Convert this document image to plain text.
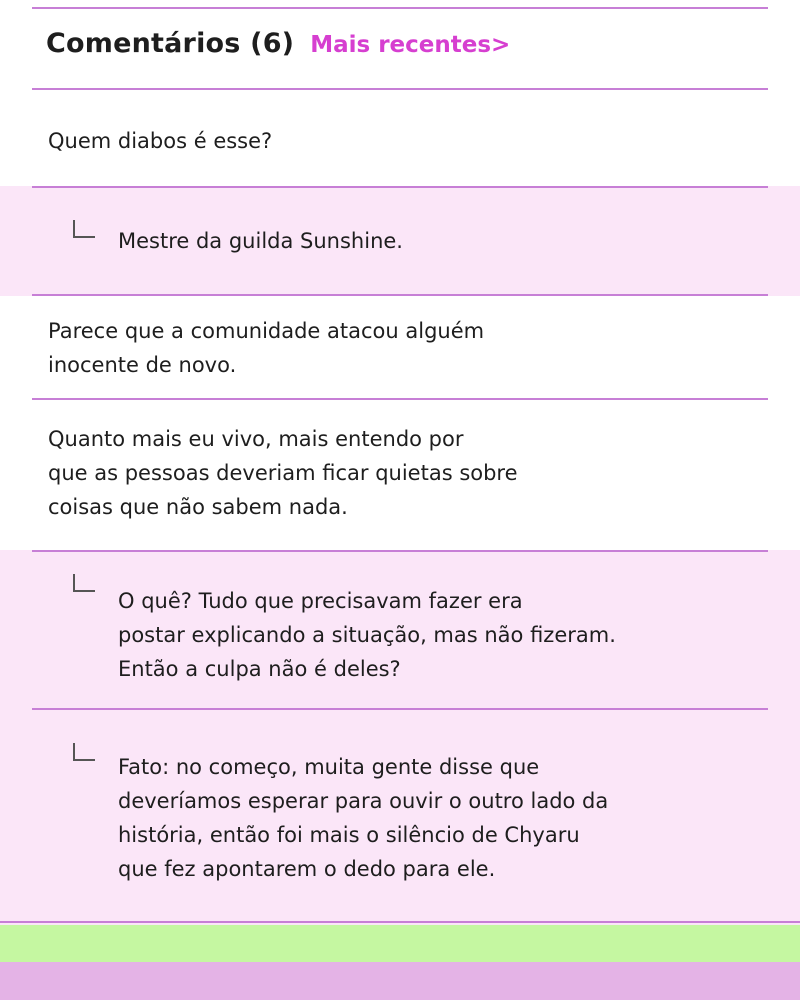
Comentários (6) Mais recentes>
Quem diabos é esse?
Mestre da guilda Sunshine.
Parece que a comunidade atacou alguém
inocente de novo.
Quanto mais eu vivo, mais entendo por
que as pessoas deveriam ficar quietas sobre
coisas que não sabem nada.
O quê? Tudo que precisavam fazer era
postar explicando a situação, mas não fizeram.
Então a culpa não é deles?
Fato: no começo, muita gente disse que
deveríamos esperar para ouvir o outro lado da
história, então foi mais o silêncio de Chyaru
que fez apontarem o dedo para ele.
